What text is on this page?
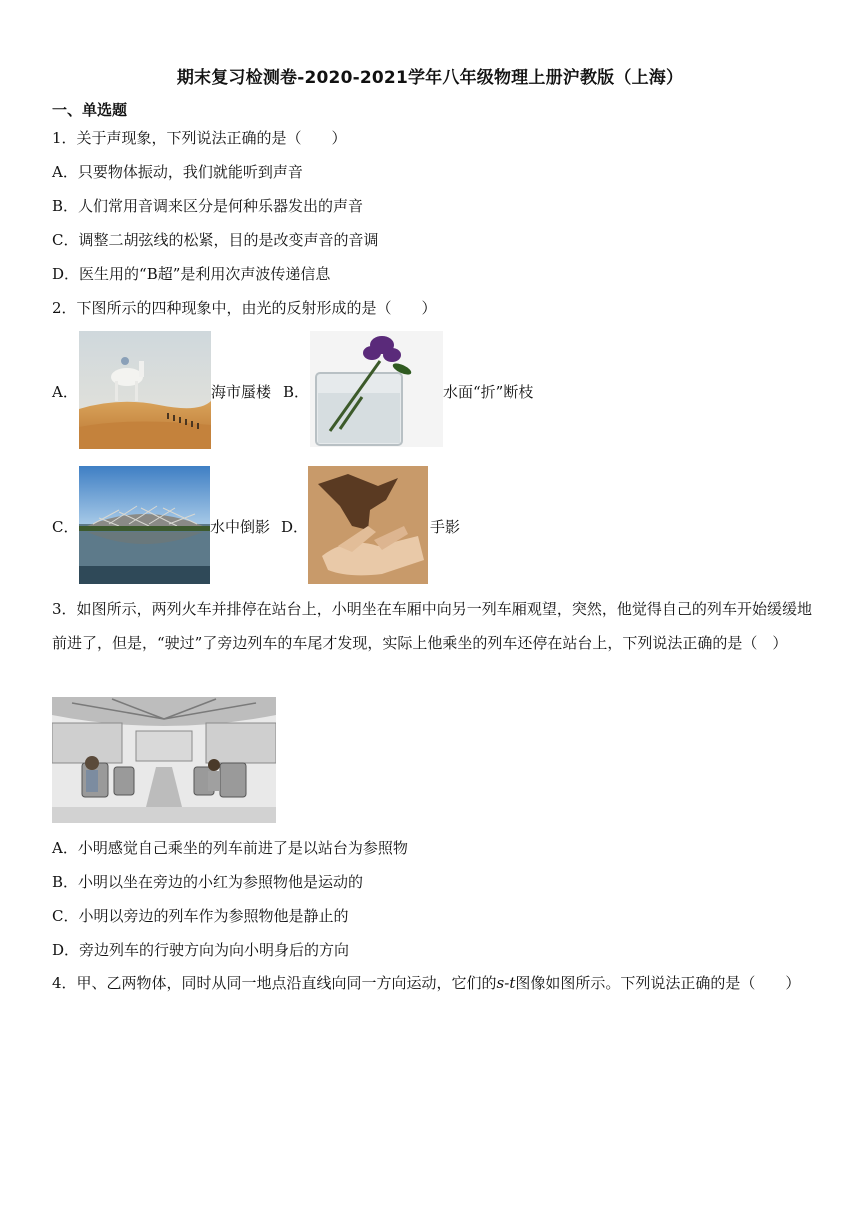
期末复习检测卷-2020-2021学年八年级物理上册沪教版（上海）
一、单选题
1．关于声现象，下列说法正确的是（　　）
A．只要物体振动，我们就能听到声音
B．人们常用音调来区分是何种乐器发出的声音
C．调整二胡弦线的松紧，目的是改变声音的音调
D．医生用的“B超”是利用次声波传递信息
2．下图所示的四种现象中，由光的反射形成的是（　　）
A．	海市蜃楼 B．	水面“折”断枝
C．	水中倒影 D．	手影
3．如图所示，两列火车并排停在站台上，小明坐在车厢中向另一列车厢观望，突然，他觉得自己的列车开始缓缓地前进了，但是，“驶过”了旁边列车的车尾才发现，实际上他乘坐的列车还停在站台上，下列说法正确的是（　）
A．小明感觉自己乘坐的列车前进了是以站台为参照物
B．小明以坐在旁边的小红为参照物他是运动的
C．小明以旁边的列车作为参照物他是静止的
D．旁边列车的行驶方向为向小明身后的方向
4．甲、乙两物体，同时从同一地点沿直线向同一方向运动，它们的s-t图像如图所示。下列说法正确的是（　　）
